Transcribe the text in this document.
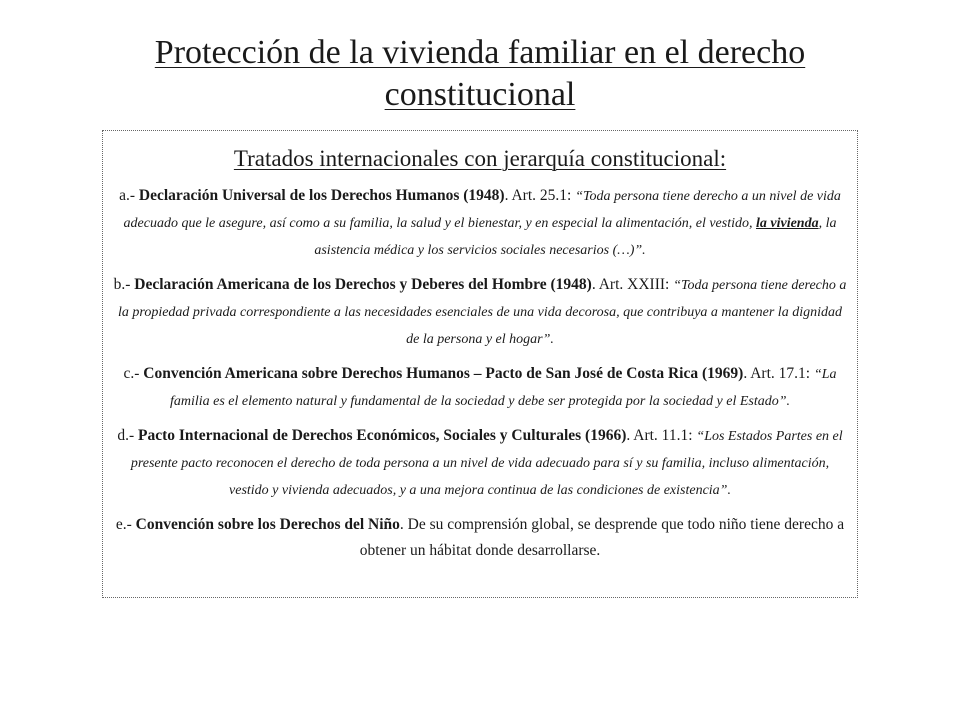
Protección de la vivienda familiar en el derecho constitucional
Tratados internacionales con jerarquía constitucional:

a.- Declaración Universal de los Derechos Humanos (1948). Art. 25.1: “Toda persona tiene derecho a un nivel de vida adecuado que le asegure, así como a su familia, la salud y el bienestar, y en especial la alimentación, el vestido, la vivienda, la asistencia médica y los servicios sociales necesarios (…)”.

b.- Declaración Americana de los Derechos y Deberes del Hombre (1948). Art. XXIII: “Toda persona tiene derecho a la propiedad privada correspondiente a las necesidades esenciales de una vida decorosa, que contribuya a mantener la dignidad de la persona y el hogar”.

c.- Convención Americana sobre Derechos Humanos – Pacto de San José de Costa Rica (1969). Art. 17.1: “La familia es el elemento natural y fundamental de la sociedad y debe ser protegida por la sociedad y el Estado”.

d.- Pacto Internacional de Derechos Económicos, Sociales y Culturales (1966). Art. 11.1: “Los Estados Partes en el presente pacto reconocen el derecho de toda persona a un nivel de vida adecuado para sí y su familia, incluso alimentación, vestido y vivienda adecuados, y a una mejora continua de las condiciones de existencia”.

e.- Convención sobre los Derechos del Niño. De su comprensión global, se desprende que todo niño tiene derecho a obtener un hábitat donde desarrollarse.
